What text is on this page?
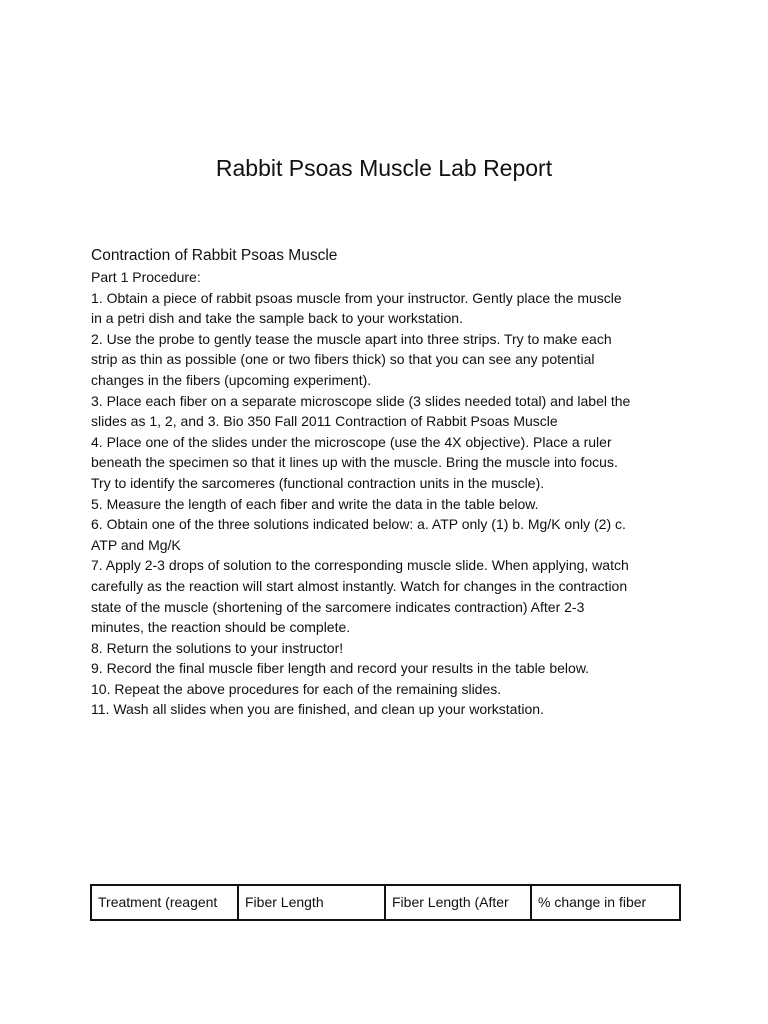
Rabbit Psoas Muscle Lab Report
Contraction of Rabbit Psoas Muscle
Part 1 Procedure:
1. Obtain a piece of rabbit psoas muscle from your instructor. Gently place the muscle
in a petri dish and take the sample back to your workstation.
2. Use the probe to gently tease the muscle apart into three strips. Try to make each
strip as thin as possible (one or two fibers thick) so that you can see any potential
changes in the fibers (upcoming experiment).
3. Place each fiber on a separate microscope slide (3 slides needed total) and label the
slides as 1, 2, and 3. Bio 350 Fall 2011 Contraction of Rabbit Psoas Muscle
4. Place one of the slides under the microscope (use the 4X objective). Place a ruler
beneath the specimen so that it lines up with the muscle. Bring the muscle into focus.
Try to identify the sarcomeres (functional contraction units in the muscle).
5. Measure the length of each fiber and write the data in the table below.
6. Obtain one of the three solutions indicated below: a. ATP only (1) b. Mg/K only (2) c.
ATP and Mg/K
7. Apply 2-3 drops of solution to the corresponding muscle slide. When applying, watch
carefully as the reaction will start almost instantly. Watch for changes in the contraction
state of the muscle (shortening of the sarcomere indicates contraction) After 2-3
minutes, the reaction should be complete.
8. Return the solutions to your instructor!
9. Record the final muscle fiber length and record your results in the table below.
10. Repeat the above procedures for each of the remaining slides.
11. Wash all slides when you are finished, and clean up your workstation.
Treatment (reagent	Fiber Length	Fiber Length (After	% change in fiber
